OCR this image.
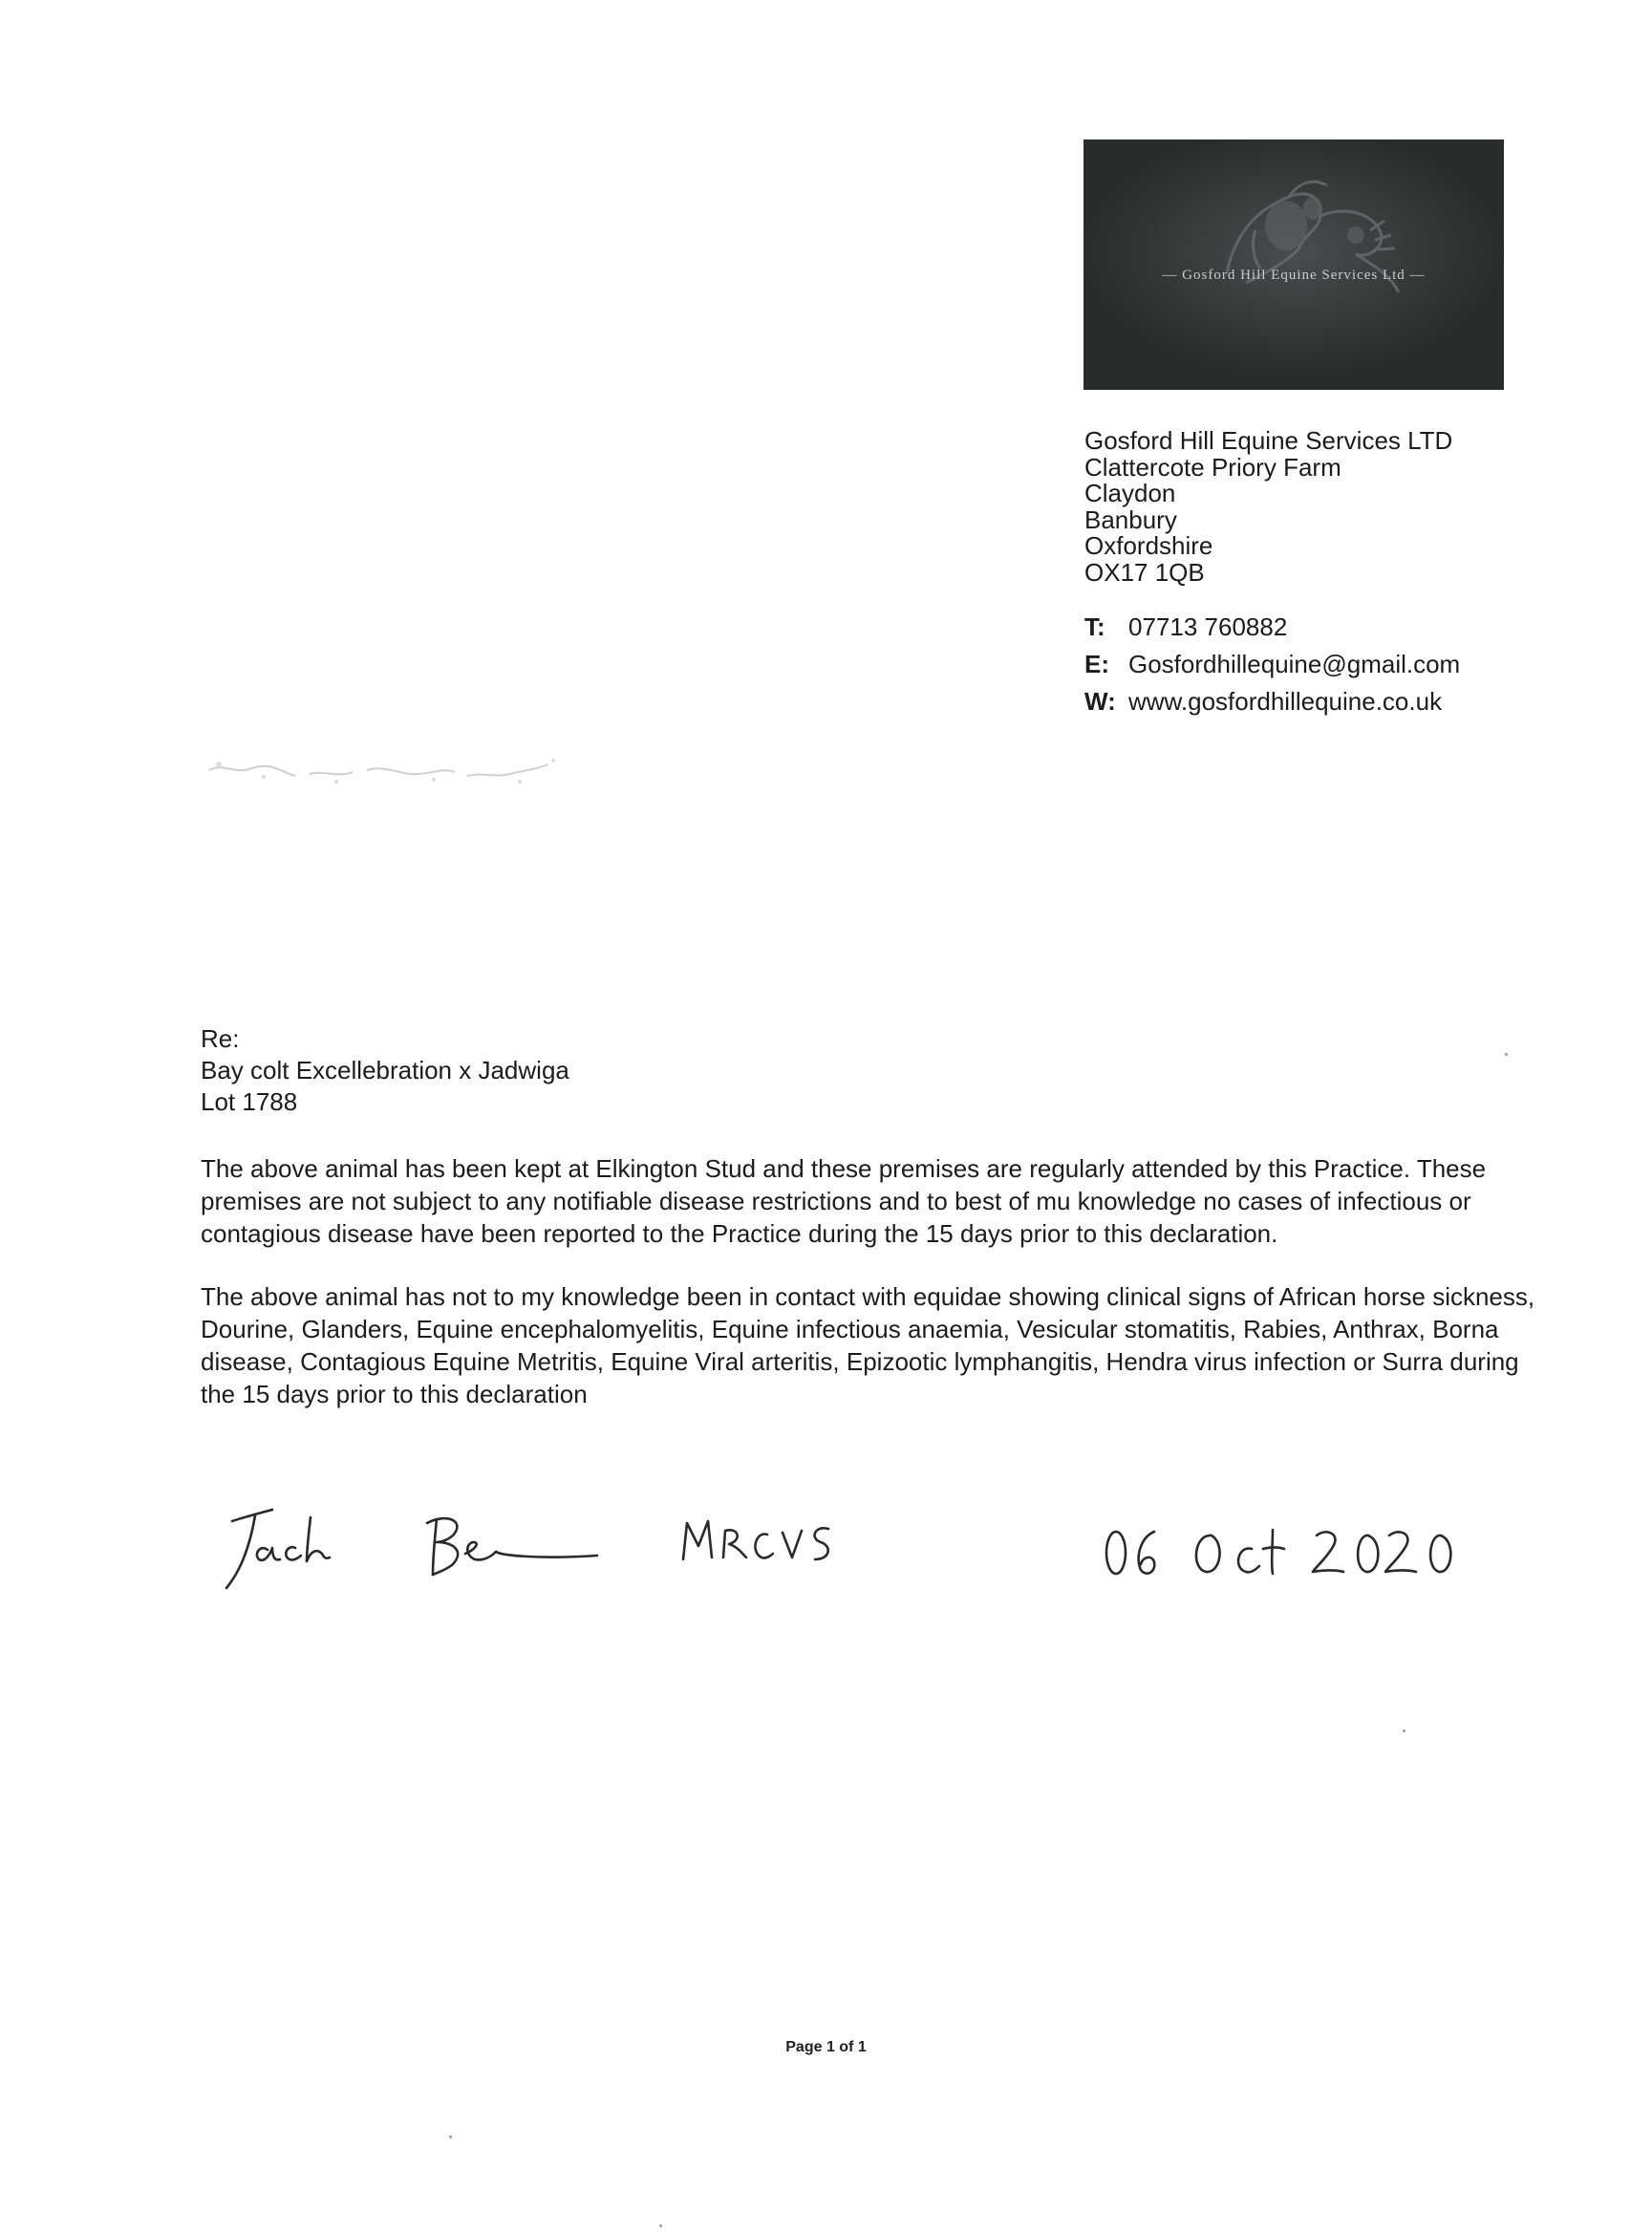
— Gosford Hill Equine Services Ltd —
Gosford Hill Equine Services LTD
Clattercote Priory Farm
Claydon
Banbury
Oxfordshire
OX17 1QB
T: 07713 760882
E: Gosfordhillequine@gmail.com
W: www.gosfordhillequine.co.uk
Re:
Bay colt Excellebration x Jadwiga
Lot 1788

The above animal has been kept at Elkington Stud and these premises are regularly attended by this Practice. These premises are not subject to any notifiable disease restrictions and to best of mu knowledge no cases of infectious or contagious disease have been reported to the Practice during the 15 days prior to this declaration.

The above animal has not to my knowledge been in contact with equidae showing clinical signs of African horse sickness, Dourine, Glanders, Equine encephalomyelitis, Equine infectious anaemia, Vesicular stomatitis, Rabies, Anthrax, Borna disease, Contagious Equine Metritis, Equine Viral arteritis, Epizootic lymphangitis, Hendra virus infection or Surra during the 15 days prior to this declaration

Page 1 of 1
